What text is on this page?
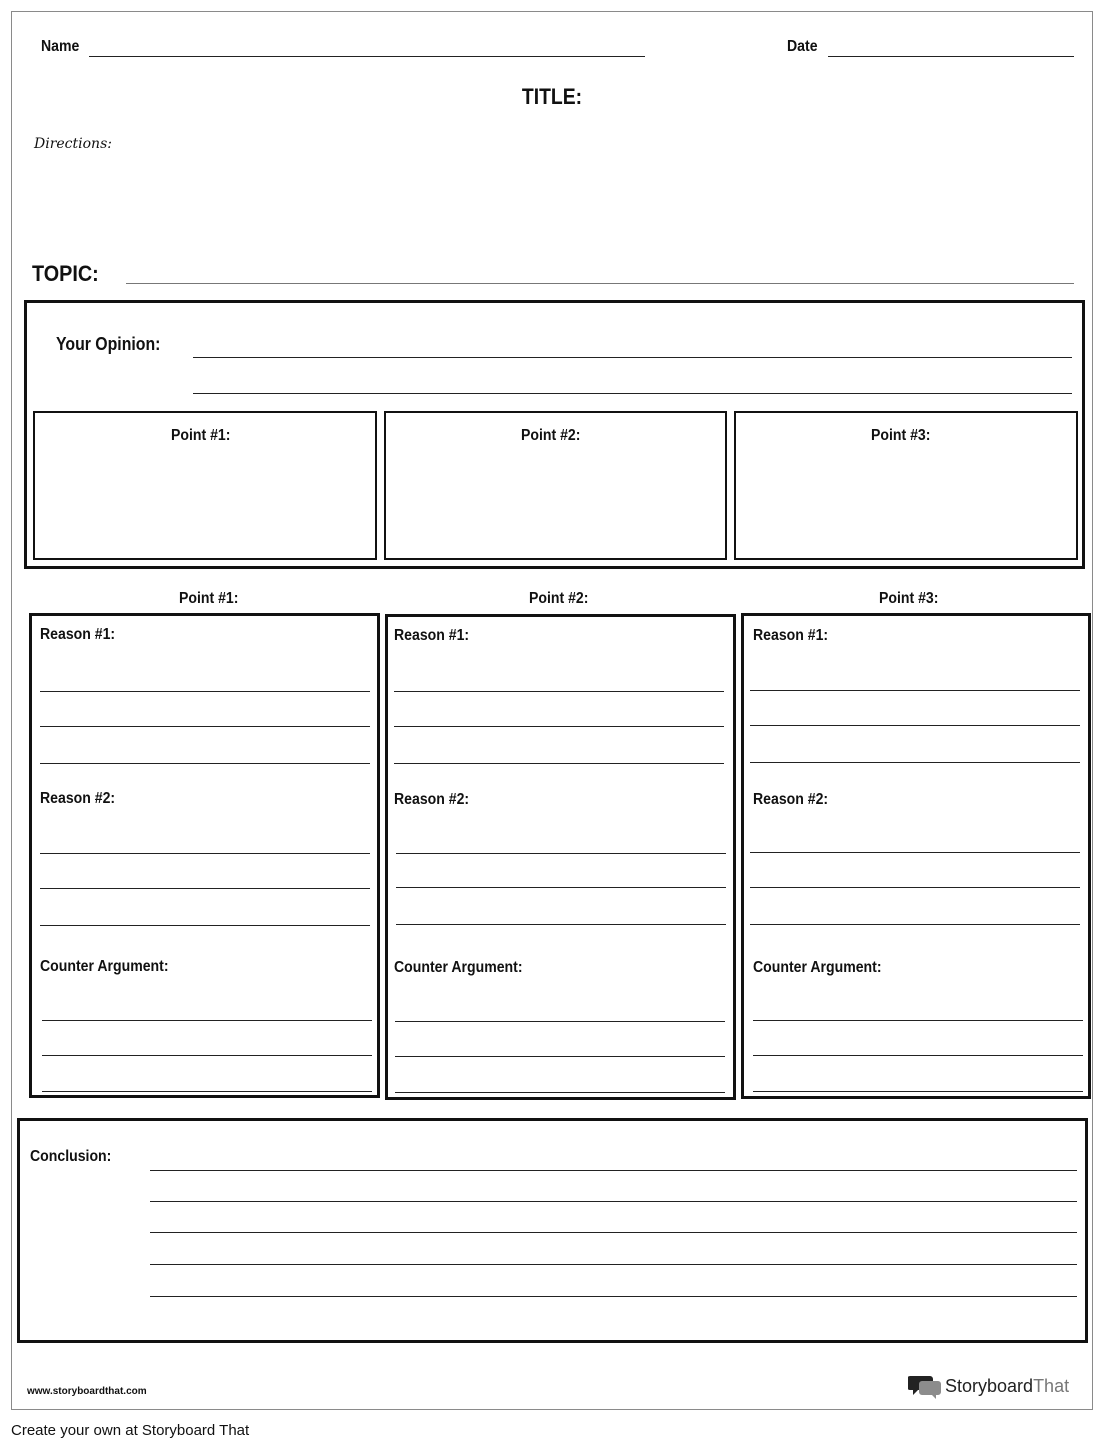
Name	Date
TITLE:
Directions:
TOPIC:
Your Opinion:
Point #1:	Point #2:	Point #3:
Point #1:	Point #2:	Point #3:
Reason #1:
Reason #2:
Counter Argument:
Reason #1:
Reason #2:
Counter Argument:
Reason #1:
Reason #2:
Counter Argument:
Conclusion:
www.storyboardthat.com	StoryboardThat
Create your own at Storyboard That
